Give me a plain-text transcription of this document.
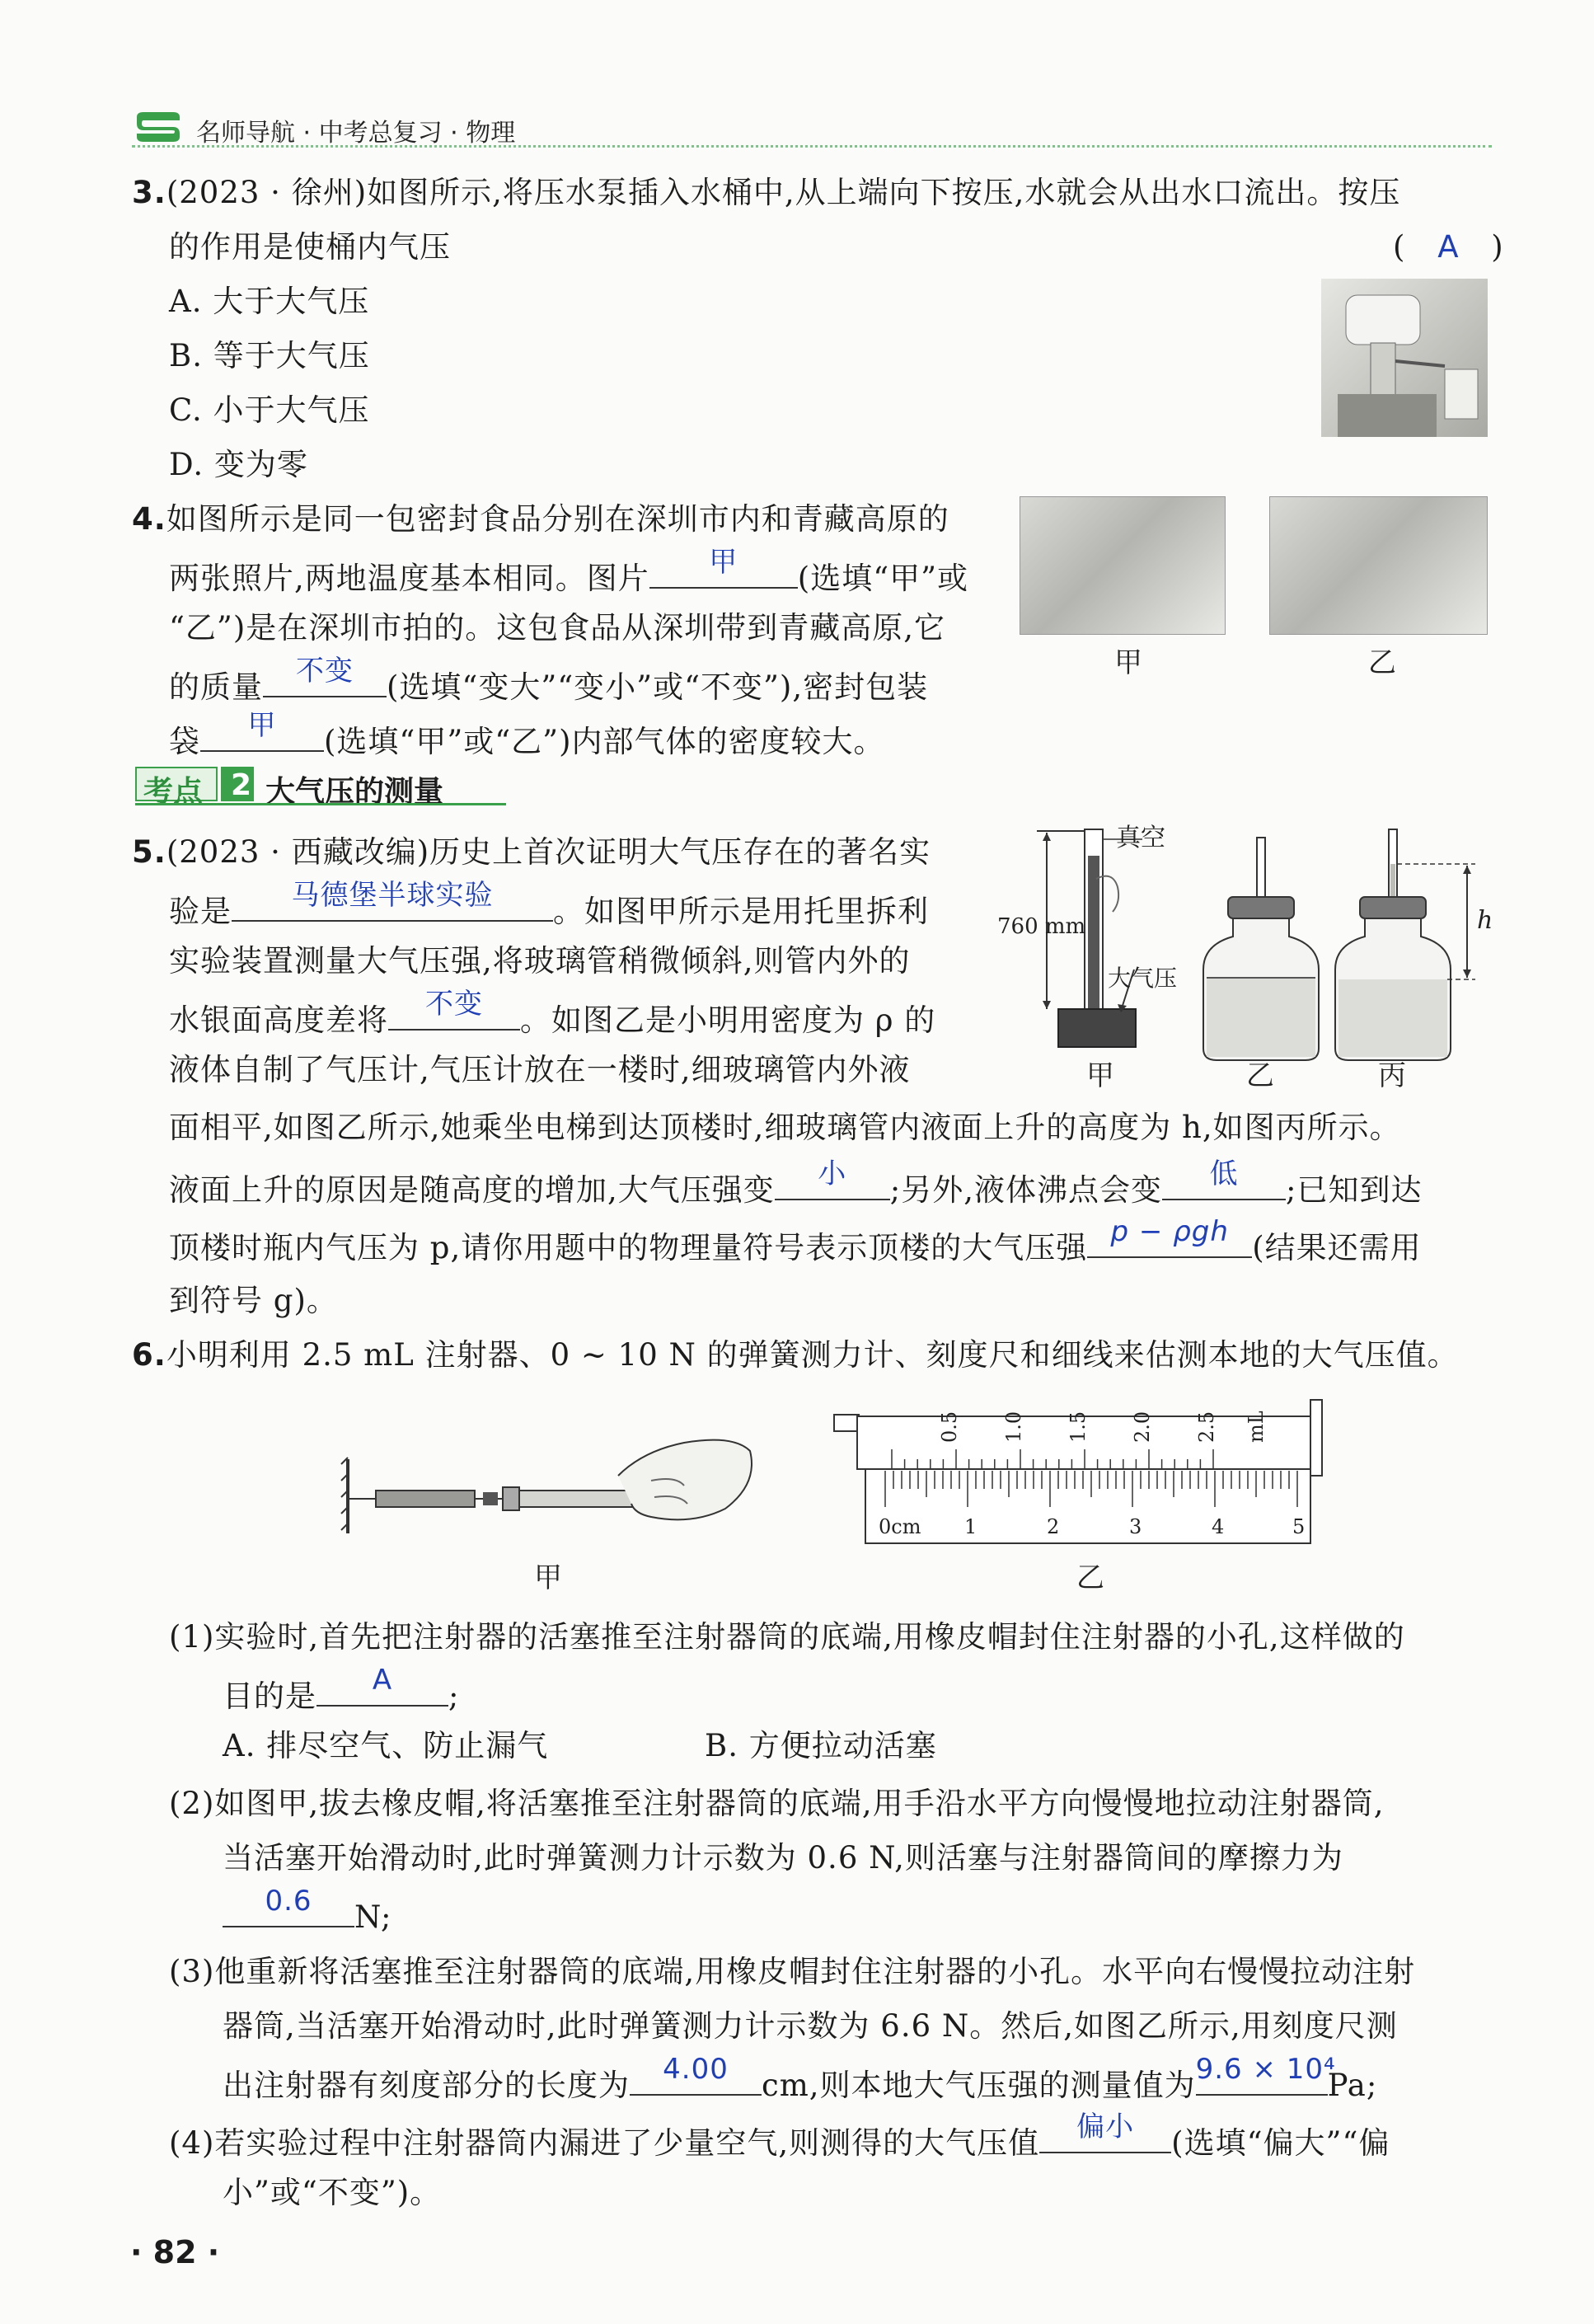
名师导航 · 中考总复习 · 物理
3.(2023 · 徐州)如图所示,将压水泵插入水桶中,从上端向下按压,水就会从出水口流出。按压
的作用是使桶内气压	( A )
A. 大于大气压
B. 等于大气压
C. 小于大气压
D. 变为零
4.如图所示是同一包密封食品分别在深圳市内和青藏高原的
两张照片,两地温度基本相同。图片	甲	(选填“甲”或
“乙”)是在深圳市拍的。这包食品从深圳带到青藏高原,它
的质量	不变	(选填“变大”“变小”或“不变”),密封包装
袋	甲	(选填“甲”或“乙”)内部气体的密度较大。
甲	乙
考点 2 大气压的测量
5.(2023 · 西藏改编)历史上首次证明大气压存在的著名实
验是	马德堡半球实验	。如图甲所示是用托里拆利
实验装置测量大气压强,将玻璃管稍微倾斜,则管内外的
水银面高度差将	不变	。如图乙是小明用密度为 ρ 的
液体自制了气压计,气压计放在一楼时,细玻璃管内外液
面相平,如图乙所示,她乘坐电梯到达顶楼时,细玻璃管内液面上升的高度为 h,如图丙所示。
液面上升的原因是随高度的增加,大气压强变	小	;另外,液体沸点会变	低	;已知到达
顶楼时瓶内气压为 p,请你用题中的物理量符号表示顶楼的大气压强 p − ρgh (结果还需用
到符号 g)。
真空
760 mm
大气压
甲	乙
h
丙
6.小明利用 2.5 mL 注射器、0 ~ 10 N 的弹簧测力计、刻度尺和细线来估测本地的大气压值。
甲
0.5 1.0 1.5 2.0 2.5 mL
0cm 1	2	3	4	5
乙
(1)实验时,首先把注射器的活塞推至注射器筒的底端,用橡皮帽封住注射器的小孔,这样做的
目的是	A	;
A. 排尽空气、防止漏气	B. 方便拉动活塞
(2)如图甲,拔去橡皮帽,将活塞推至注射器筒的底端,用手沿水平方向慢慢地拉动注射器筒,
当活塞开始滑动时,此时弹簧测力计示数为 0.6 N,则活塞与注射器筒间的摩擦力为
0.6	N;
(3)他重新将活塞推至注射器筒的底端,用橡皮帽封住注射器的小孔。水平向右慢慢拉动注射
器筒,当活塞开始滑动时,此时弹簧测力计示数为 6.6 N。然后,如图乙所示,用刻度尺测
出注射器有刻度部分的长度为	4.00	cm,则本地大气压强的测量值为 9.6 × 10⁴
Pa;
(4)若实验过程中注射器筒内漏进了少量空气,则测得的大气压值	偏小	(选填“偏大”“偏
小”或“不变”)。
· 82 ·
